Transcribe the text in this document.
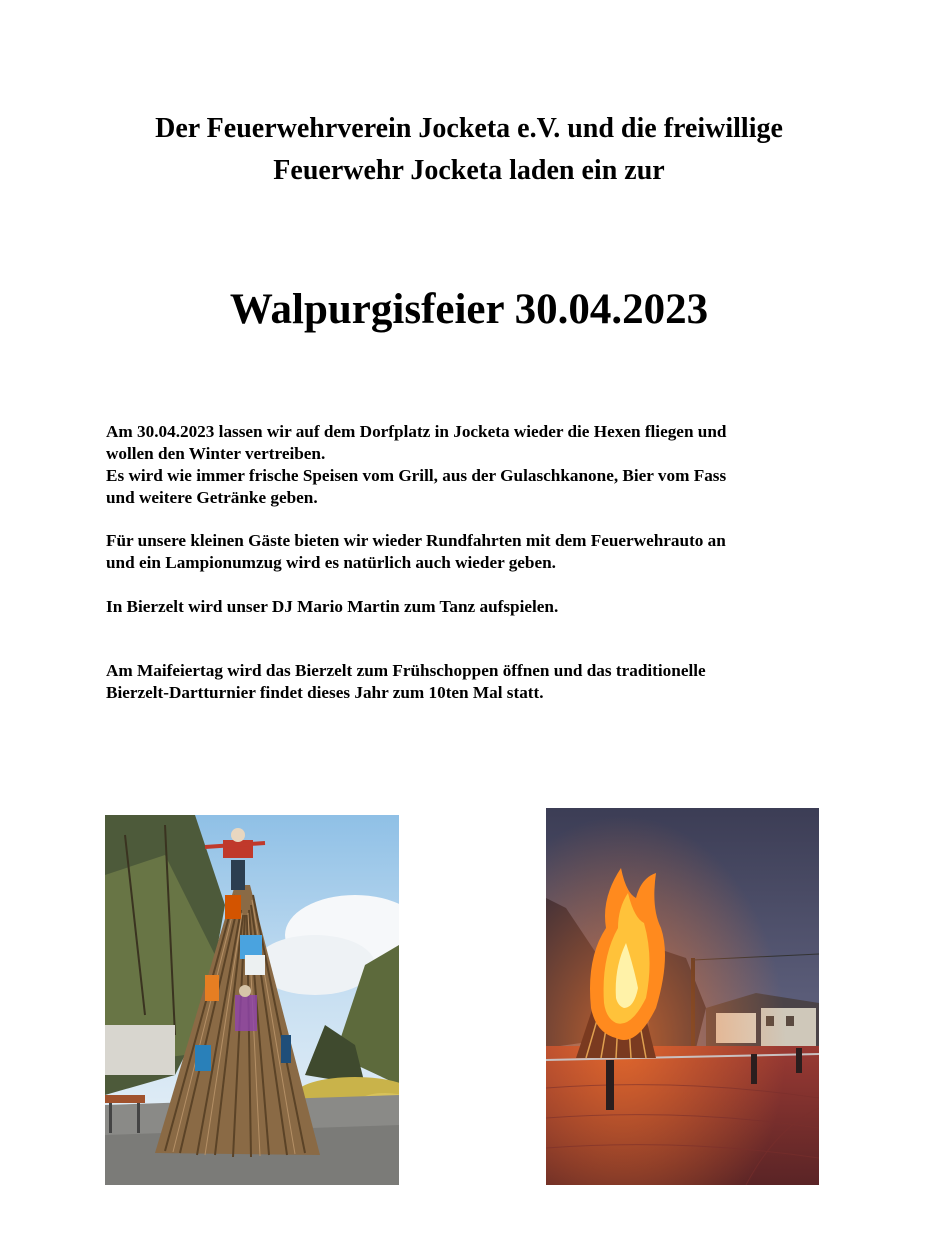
Der Feuerwehrverein Jocketa e.V. und die freiwillige
Feuerwehr Jocketa laden ein zur
Walpurgisfeier 30.04.2023
Am 30.04.2023 lassen wir auf dem Dorfplatz in Jocketa wieder die Hexen fliegen und
wollen den Winter vertreiben.
Es wird wie immer frische Speisen vom Grill, aus der Gulaschkanone, Bier vom Fass
und weitere Getränke geben.
Für unsere kleinen Gäste bieten wir wieder Rundfahrten mit dem Feuerwehrauto an
und ein Lampionumzug wird es natürlich auch wieder geben.
In Bierzelt wird unser DJ Mario Martin zum Tanz aufspielen.
Am Maifeiertag wird das Bierzelt zum Frühschoppen öffnen und das traditionelle
Bierzelt-Dartturnier findet dieses Jahr zum 10ten Mal statt.
